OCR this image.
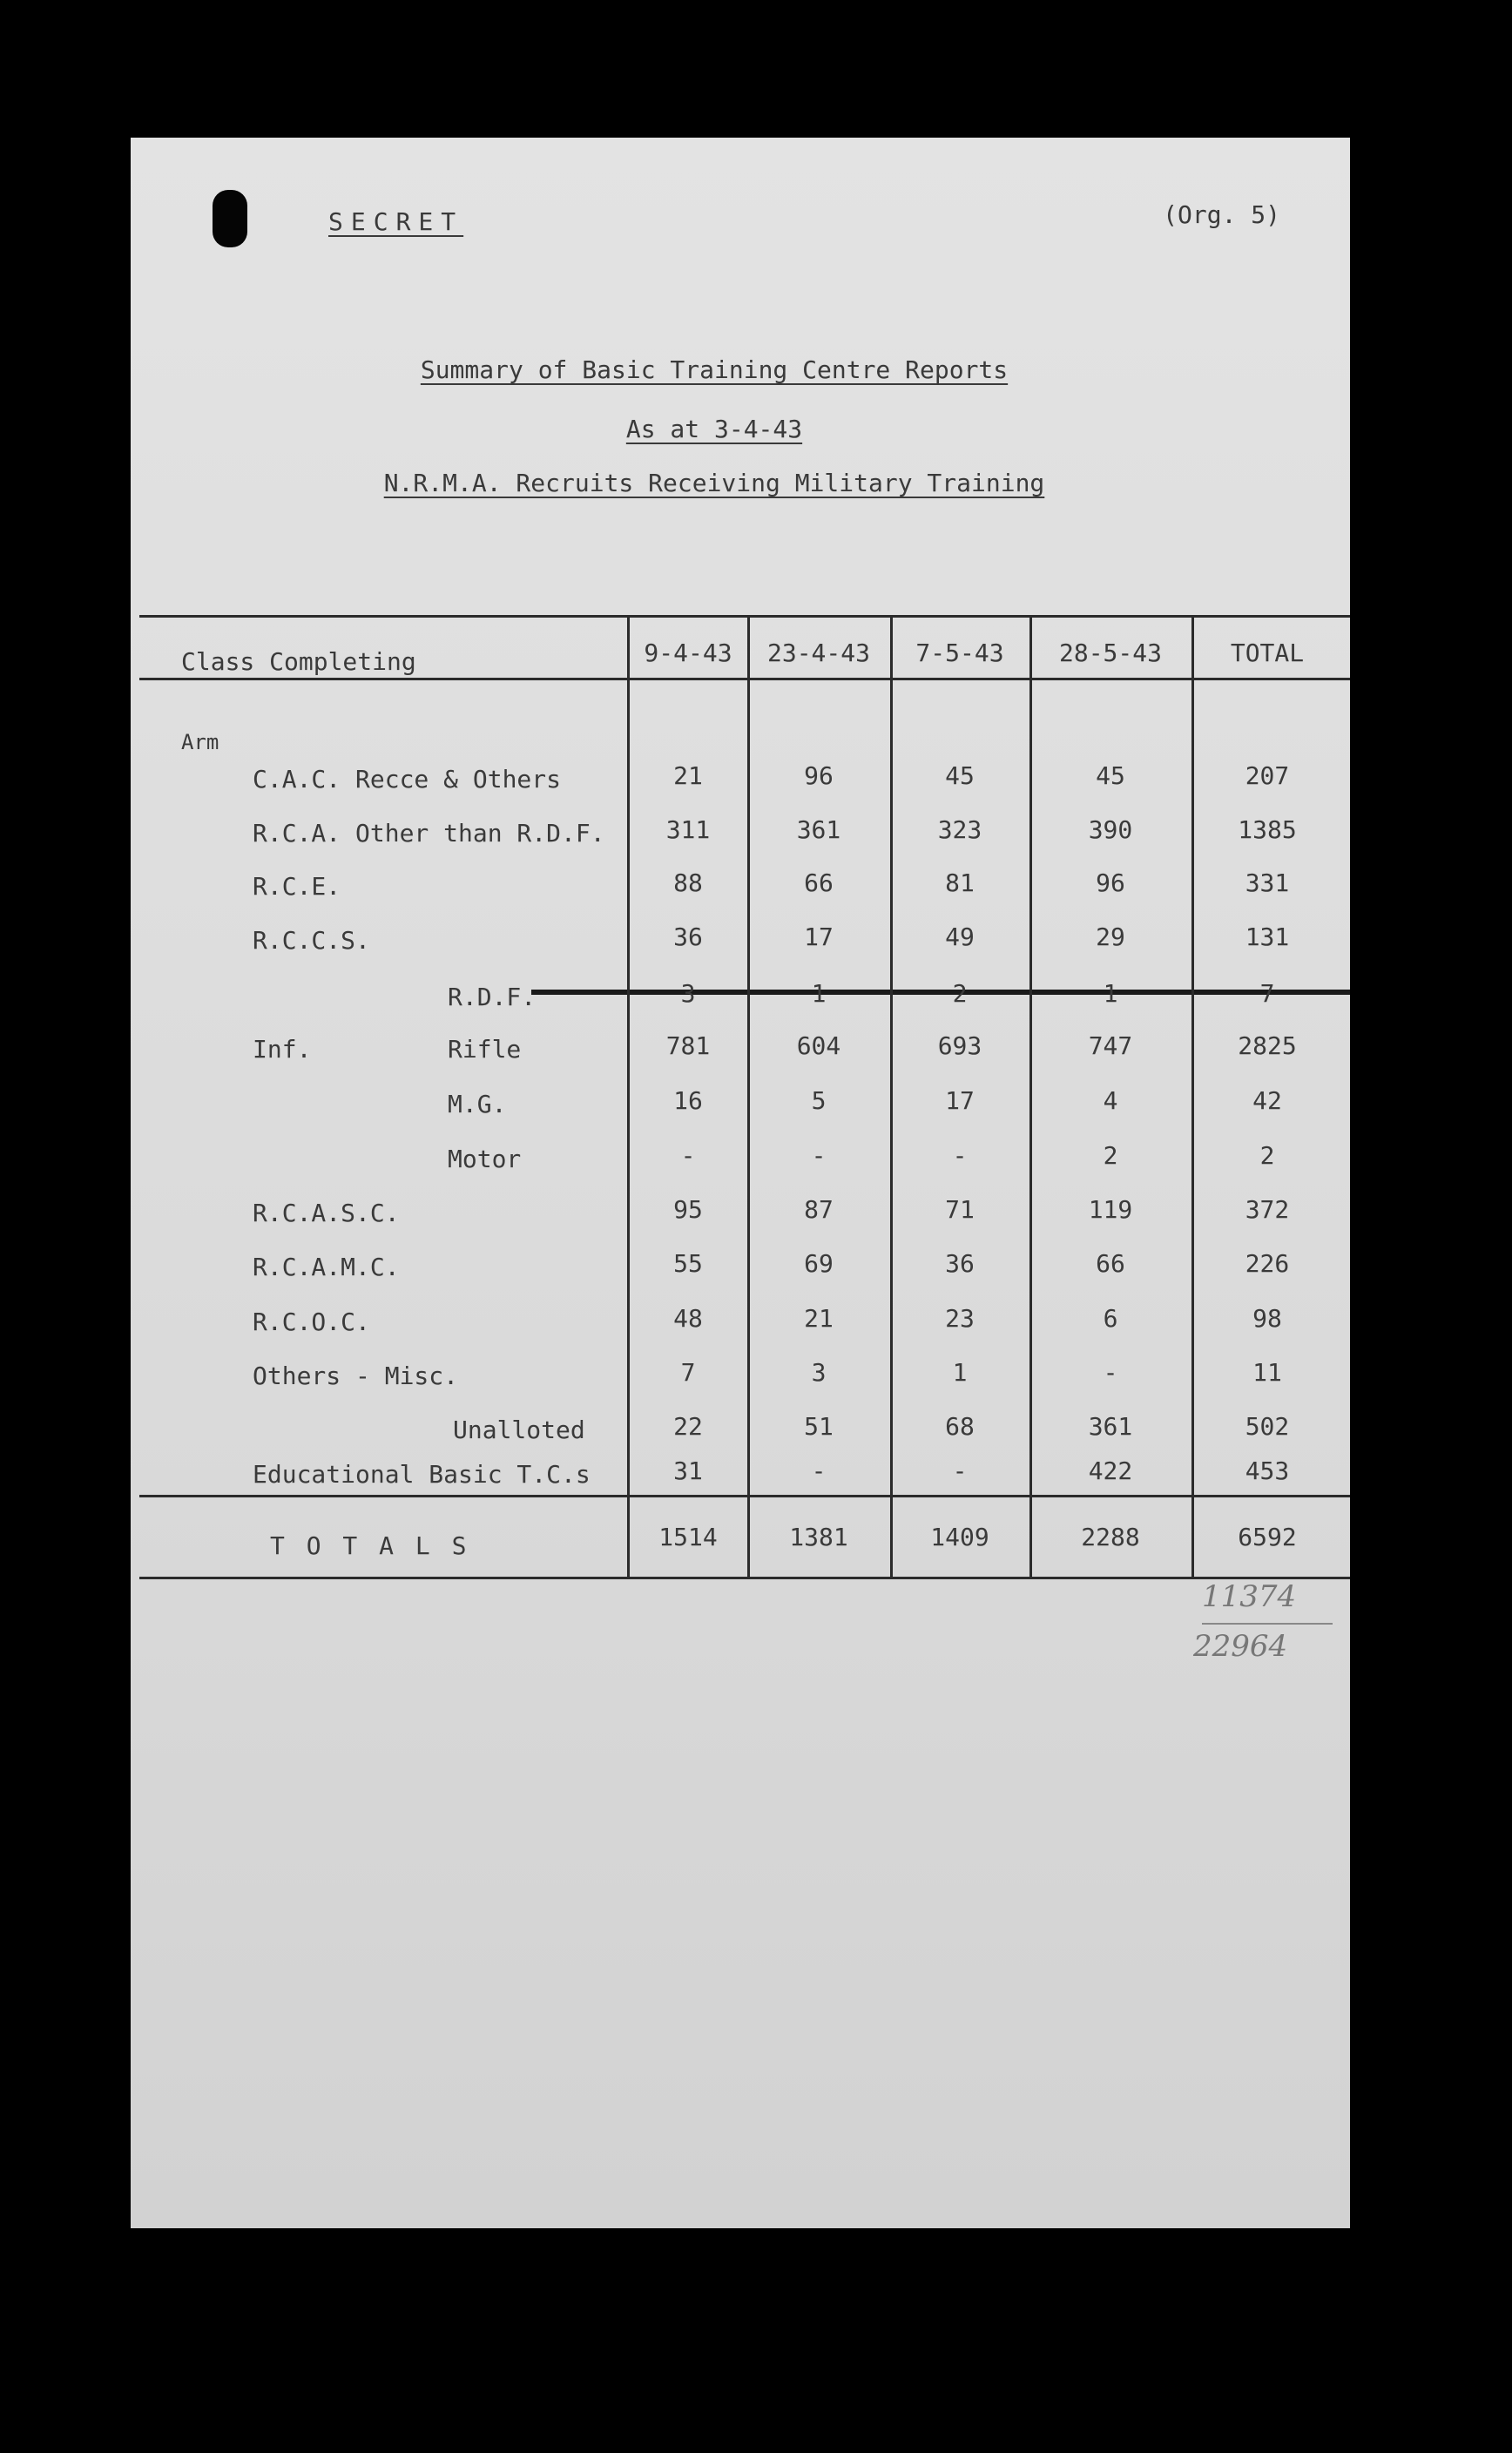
SECRET	(Org. 5)
Summary of Basic Training Centre Reports
As at 3-4-43
N.R.M.A. Recruits Receiving Military Training
Class Completing	9-4-43	23-4-43	7-5-43	28-5-43	TOTAL
Arm
C.A.C. Recce & Others	21	96	45	45	207
R.C.A. Other than R.D.F.	311	361	323	390	1385
R.C.E.	88	66	81	96	331
R.C.C.S.	36	17	49	29	131
R.D.F.	3	1	2	1	7
Inf.	Rifle	781	604	693	747	2825
M.G.	16	5	17	4	42
Motor	-	-	-	2	2
R.C.A.S.C.	95	87	71	119	372
R.C.A.M.C.	55	69	36	66	226
R.C.O.C.	48	21	23	6	98
Others - Misc.	7	3	1	-	11
Unalloted	22	51	68	361	502
Educational Basic T.C.s	31	-	-	422	453
T O T A L S	1514	1381	1409	2288	6592
11374
22964
